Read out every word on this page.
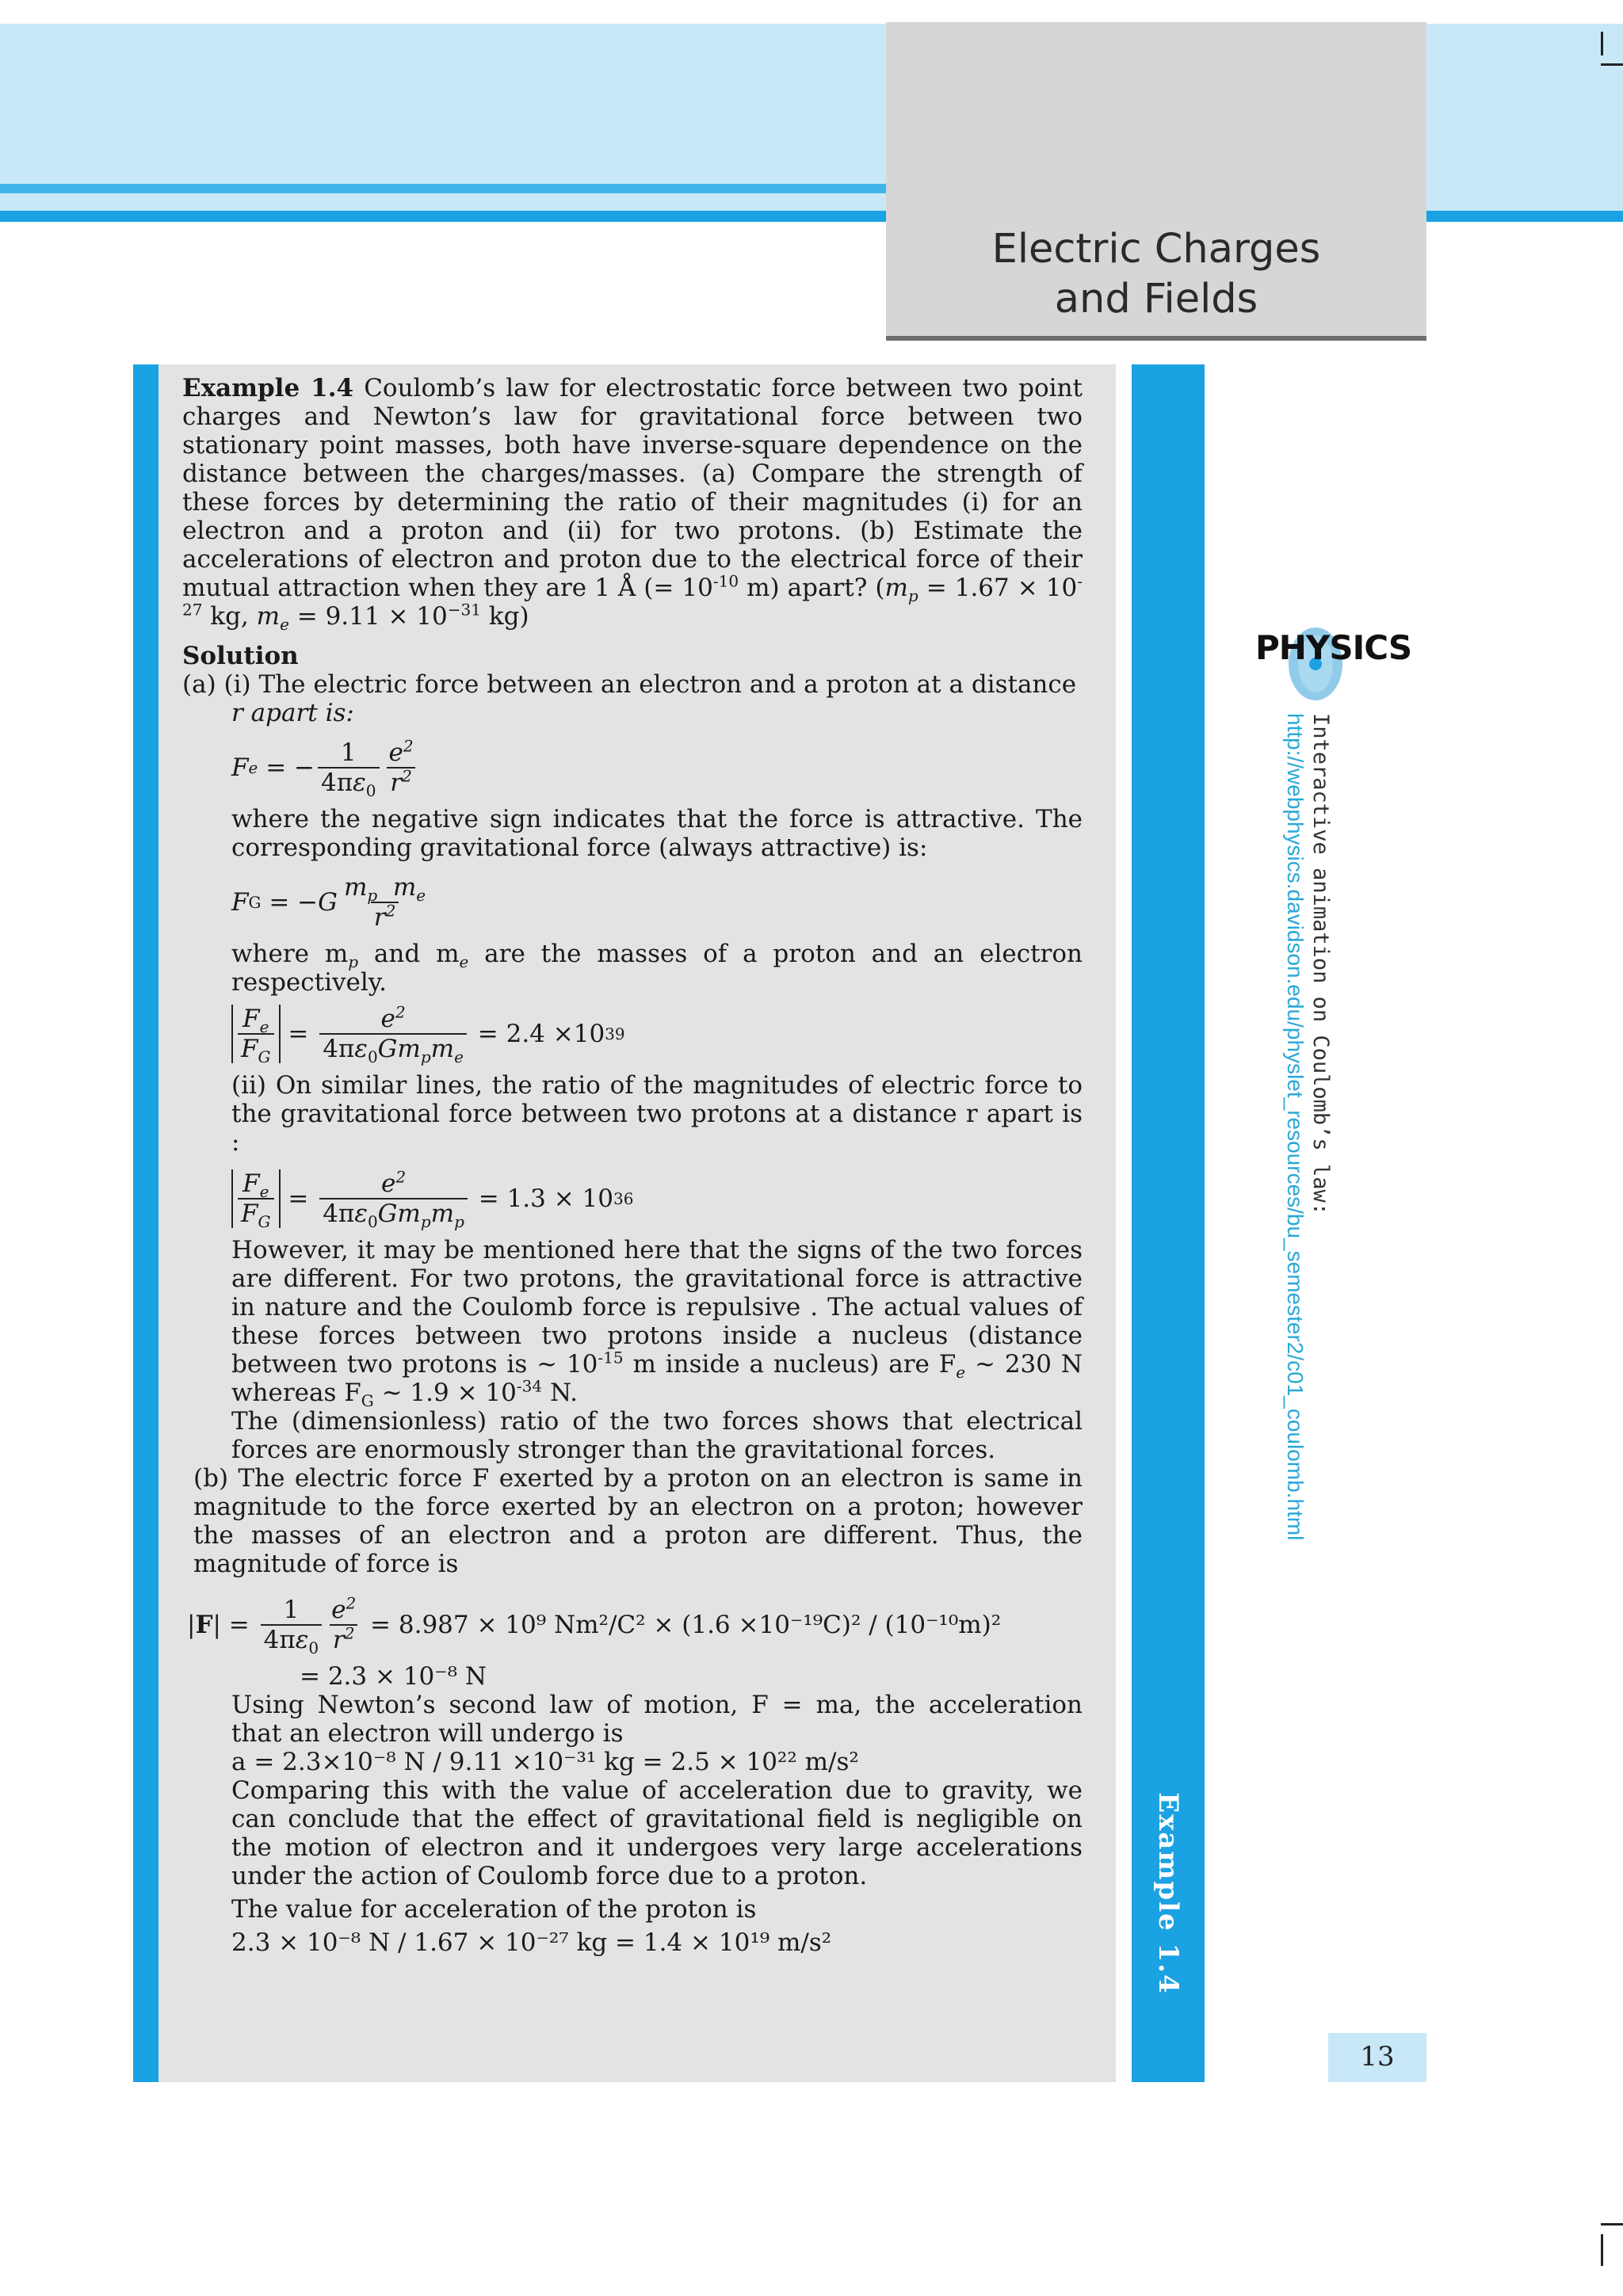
Electric Charges
and Fields
Example 1.4

Example 1.4 Coulomb’s law for electrostatic force between two point charges and Newton’s law for gravitational force between two stationary point masses, both have inverse-square dependence on the distance between the charges/masses. (a) Compare the strength of these forces by determining the ratio of their magnitudes (i) for an electron and a proton and (ii) for two protons. (b) Estimate the accelerations of electron and proton due to the electrical force of their mutual attraction when they are 1 Å (= $10^{-10}$ m) apart? ($m_p = 1.67 \times 10^{-27}$ kg, $m_e = 9.11 \times 10^{-31}$ kg)

Solution

(a) (i) The electric force between an electron and a proton at a distance

r apart is:

F e = − $\frac{1}{4\pi\varepsilon_0} \frac{e^2}{r^2}$

where the negative sign indicates that the force is attractive. The corresponding gravitational force (always attractive) is:

F G = − G $\frac{m_p m_e}{r^2}$

where $m_p$ and $m_e$ are the masses of a proton and an electron respectively.

$\frac{F_e}{F_G} = \frac{e^2}{4\pi\varepsilon_0Gm_pm_e}$
= 2.4 ×10 39

(ii) On similar lines, the ratio of the magnitudes of electric force to the gravitational force between two protons at a distance r apart is :

$\frac{F_e}{F_G} = \frac{e^2}{4\pi\varepsilon_0Gm_pm_p}$
= 1.3 × 10 36

However, it may be mentioned here that the signs of the two forces are different. For two protons, the gravitational force is attractive in nature and the Coulomb force is repulsive . The actual values of these forces between two protons inside a nucleus (distance between two protons is ~ $10^{-15}$ m inside a nucleus) are $F_e$ ~ 230 N whereas $F_G$ ~ $1.9 \times 10^{-34}$ N.

The (dimensionless) ratio of the two forces shows that electrical forces are enormously stronger than the gravitational forces.

(b) The electric force F exerted by a proton on an electron is same in magnitude to the force exerted by an electron on a proton; however the masses of an electron and a proton are different. Thus, the magnitude of force is

| F | = $\frac{1}{4\pi\varepsilon_0} \frac{e^2}{r^2}$
= 8.987 × 10⁹ Nm²/C² × (1.6 ×10⁻¹⁹C)² / (10⁻¹⁰m)²

= 2.3 × 10⁻⁸ N

Using Newton’s second law of motion, F = ma, the acceleration that an electron will undergo is

a = 2.3×10⁻⁸ N / 9.11 ×10⁻³¹ kg = 2.5 × 10²² m/s²

Comparing this with the value of acceleration due to gravity, we can conclude that the effect of gravitational field is negligible on the motion of electron and it undergoes very large accelerations under the action of Coulomb force due to a proton.

The value for acceleration of the proton is

2.3 × 10⁻⁸ N / 1.67 × 10⁻²⁷ kg = 1.4 × 10¹⁹ m/s²

PHYSICS
Interactive animation on Coulomb’s law:
http://webphysics.davidson.edu/physlet_resources/bu_semester2/c01_coulomb.html
13
